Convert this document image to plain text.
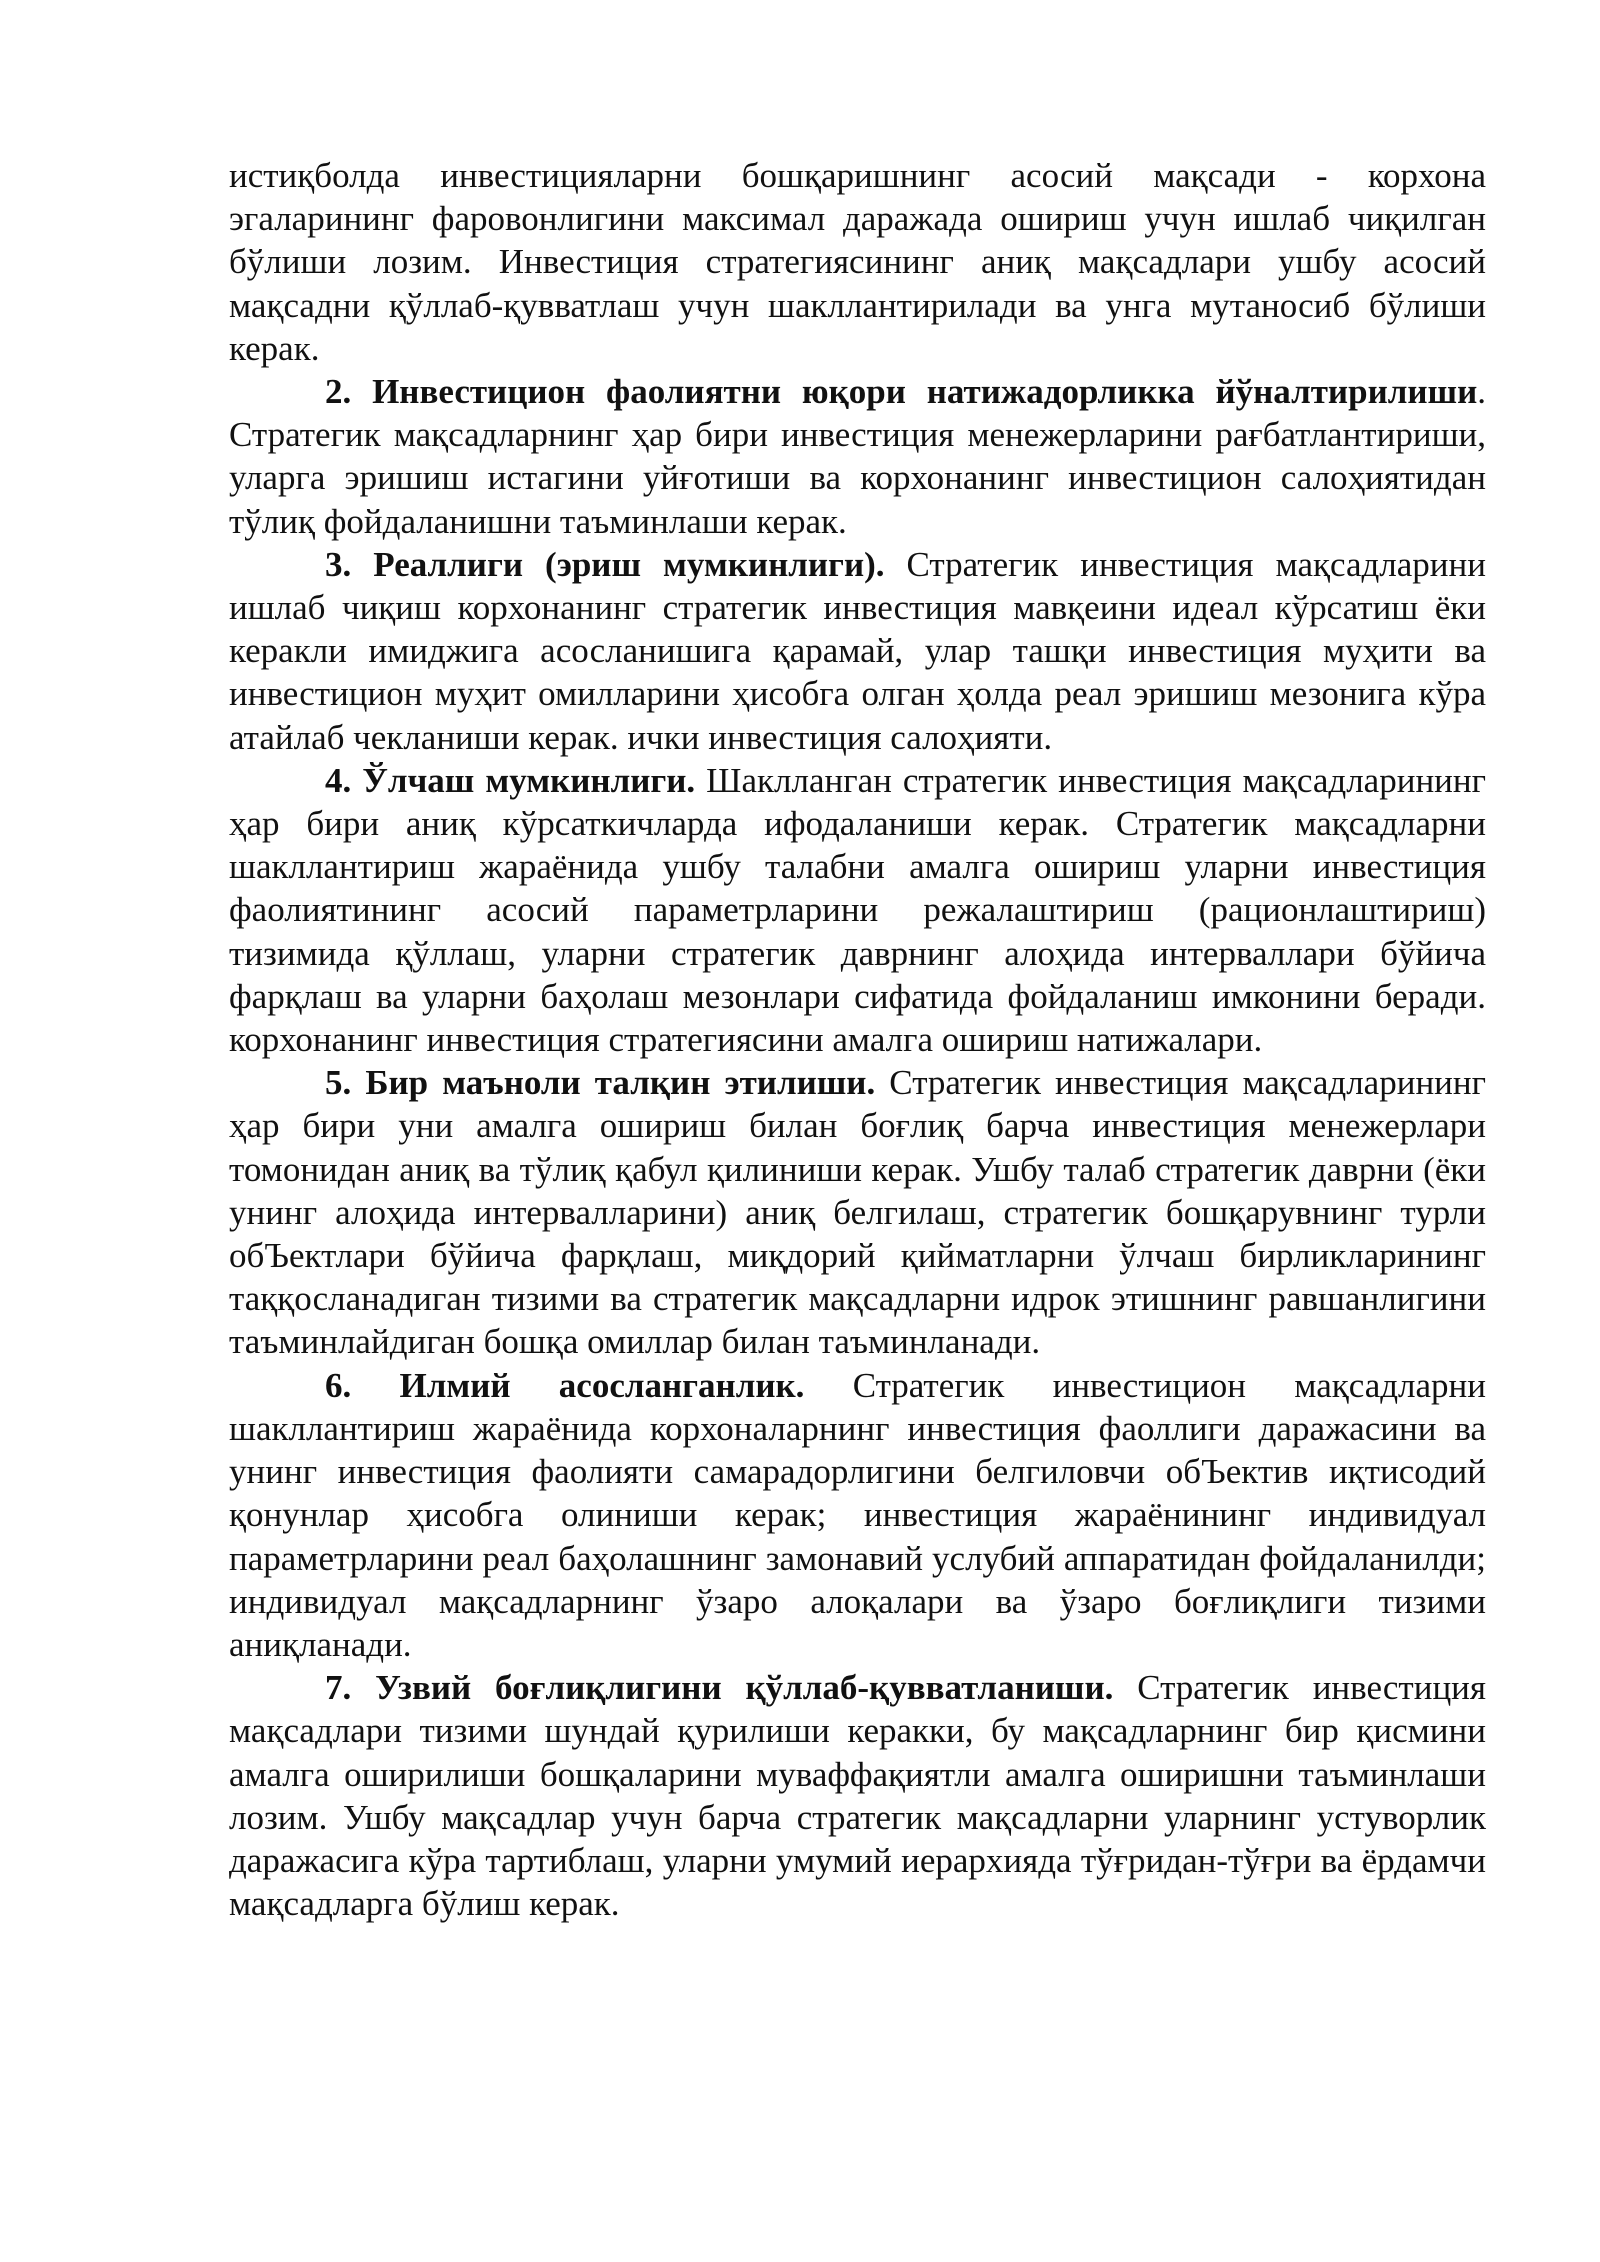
истиқболда инвестицияларни бошқаришнинг асосий мақсади - корхона эгаларининг фаровонлигини максимал даражада ошириш учун ишлаб чиқилган бўлиши лозим. Инвестиция стратегиясининг аниқ мақсадлари ушбу асосий мақсадни қўллаб-қувватлаш учун шакллантирилади ва унга мутаносиб бўлиши керак.

2. Инвестицион фаолиятни юқори натижадорликка йўналтирилиши. Стратегик мақсадларнинг ҳар бири инвестиция менежерларини рағбатлантириши, уларга эришиш истагини уйғотиши ва корхонанинг инвестицион салоҳиятидан тўлиқ фойдаланишни таъминлаши керак.

3. Реаллиги (эриш мумкинлиги). Стратегик инвестиция мақсадларини ишлаб чиқиш корхонанинг стратегик инвестиция мавқеини идеал кўрсатиш ёки керакли имиджига асосланишига қарамай, улар ташқи инвестиция муҳити ва инвестицион муҳит омилларини ҳисобга олган ҳолда реал эришиш мезонига кўра атайлаб чекланиши керак. ички инвестиция салоҳияти.

4. Ўлчаш мумкинлиги. Шаклланган стратегик инвестиция мақсадларининг ҳар бири аниқ кўрсаткичларда ифодаланиши керак. Стратегик мақсадларни шакллантириш жараёнида ушбу талабни амалга ошириш уларни инвестиция фаолиятининг асосий параметрларини режалаштириш (рационлаштириш) тизимида қўллаш, уларни стратегик даврнинг алоҳида интерваллари бўйича фарқлаш ва уларни баҳолаш мезонлари сифатида фойдаланиш имконини беради. корхонанинг инвестиция стратегиясини амалга ошириш натижалари.

5. Бир маъноли талқин этилиши. Стратегик инвестиция мақсадларининг ҳар бири уни амалга ошириш билан боғлиқ барча инвестиция менежерлари томонидан аниқ ва тўлиқ қабул қилиниши керак. Ушбу талаб стратегик даврни (ёки унинг алоҳида интервалларини) аниқ белгилаш, стратегик бошқарувнинг турли обЪектлари бўйича фарқлаш, миқдорий қийматларни ўлчаш бирликларининг таққосланадиган тизими ва стратегик мақсадларни идрок этишнинг равшанлигини таъминлайдиган бошқа омиллар билан таъминланади.

6. Илмий асосланганлик. Стратегик инвестицион мақсадларни шакллантириш жараёнида корхоналарнинг инвестиция фаоллиги даражасини ва унинг инвестиция фаолияти самарадорлигини белгиловчи обЪектив иқтисодий қонунлар ҳисобга олиниши керак; инвестиция жараёнининг индивидуал параметрларини реал баҳолашнинг замонавий услубий аппаратидан фойдаланилди; индивидуал мақсадларнинг ўзаро алоқалари ва ўзаро боғлиқлиги тизими аниқланади.

7. Узвий боғлиқлигини қўллаб-қувватланиши. Стратегик инвестиция мақсадлари тизими шундай қурилиши керакки, бу мақсадларнинг бир қисмини амалга оширилиши бошқаларини муваффақиятли амалга оширишни таъминлаши лозим. Ушбу мақсадлар учун барча стратегик мақсадларни уларнинг устуворлик даражасига кўра тартиблаш, уларни умумий иерархияда тўғридан-тўғри ва ёрдамчи мақсадларга бўлиш керак.
